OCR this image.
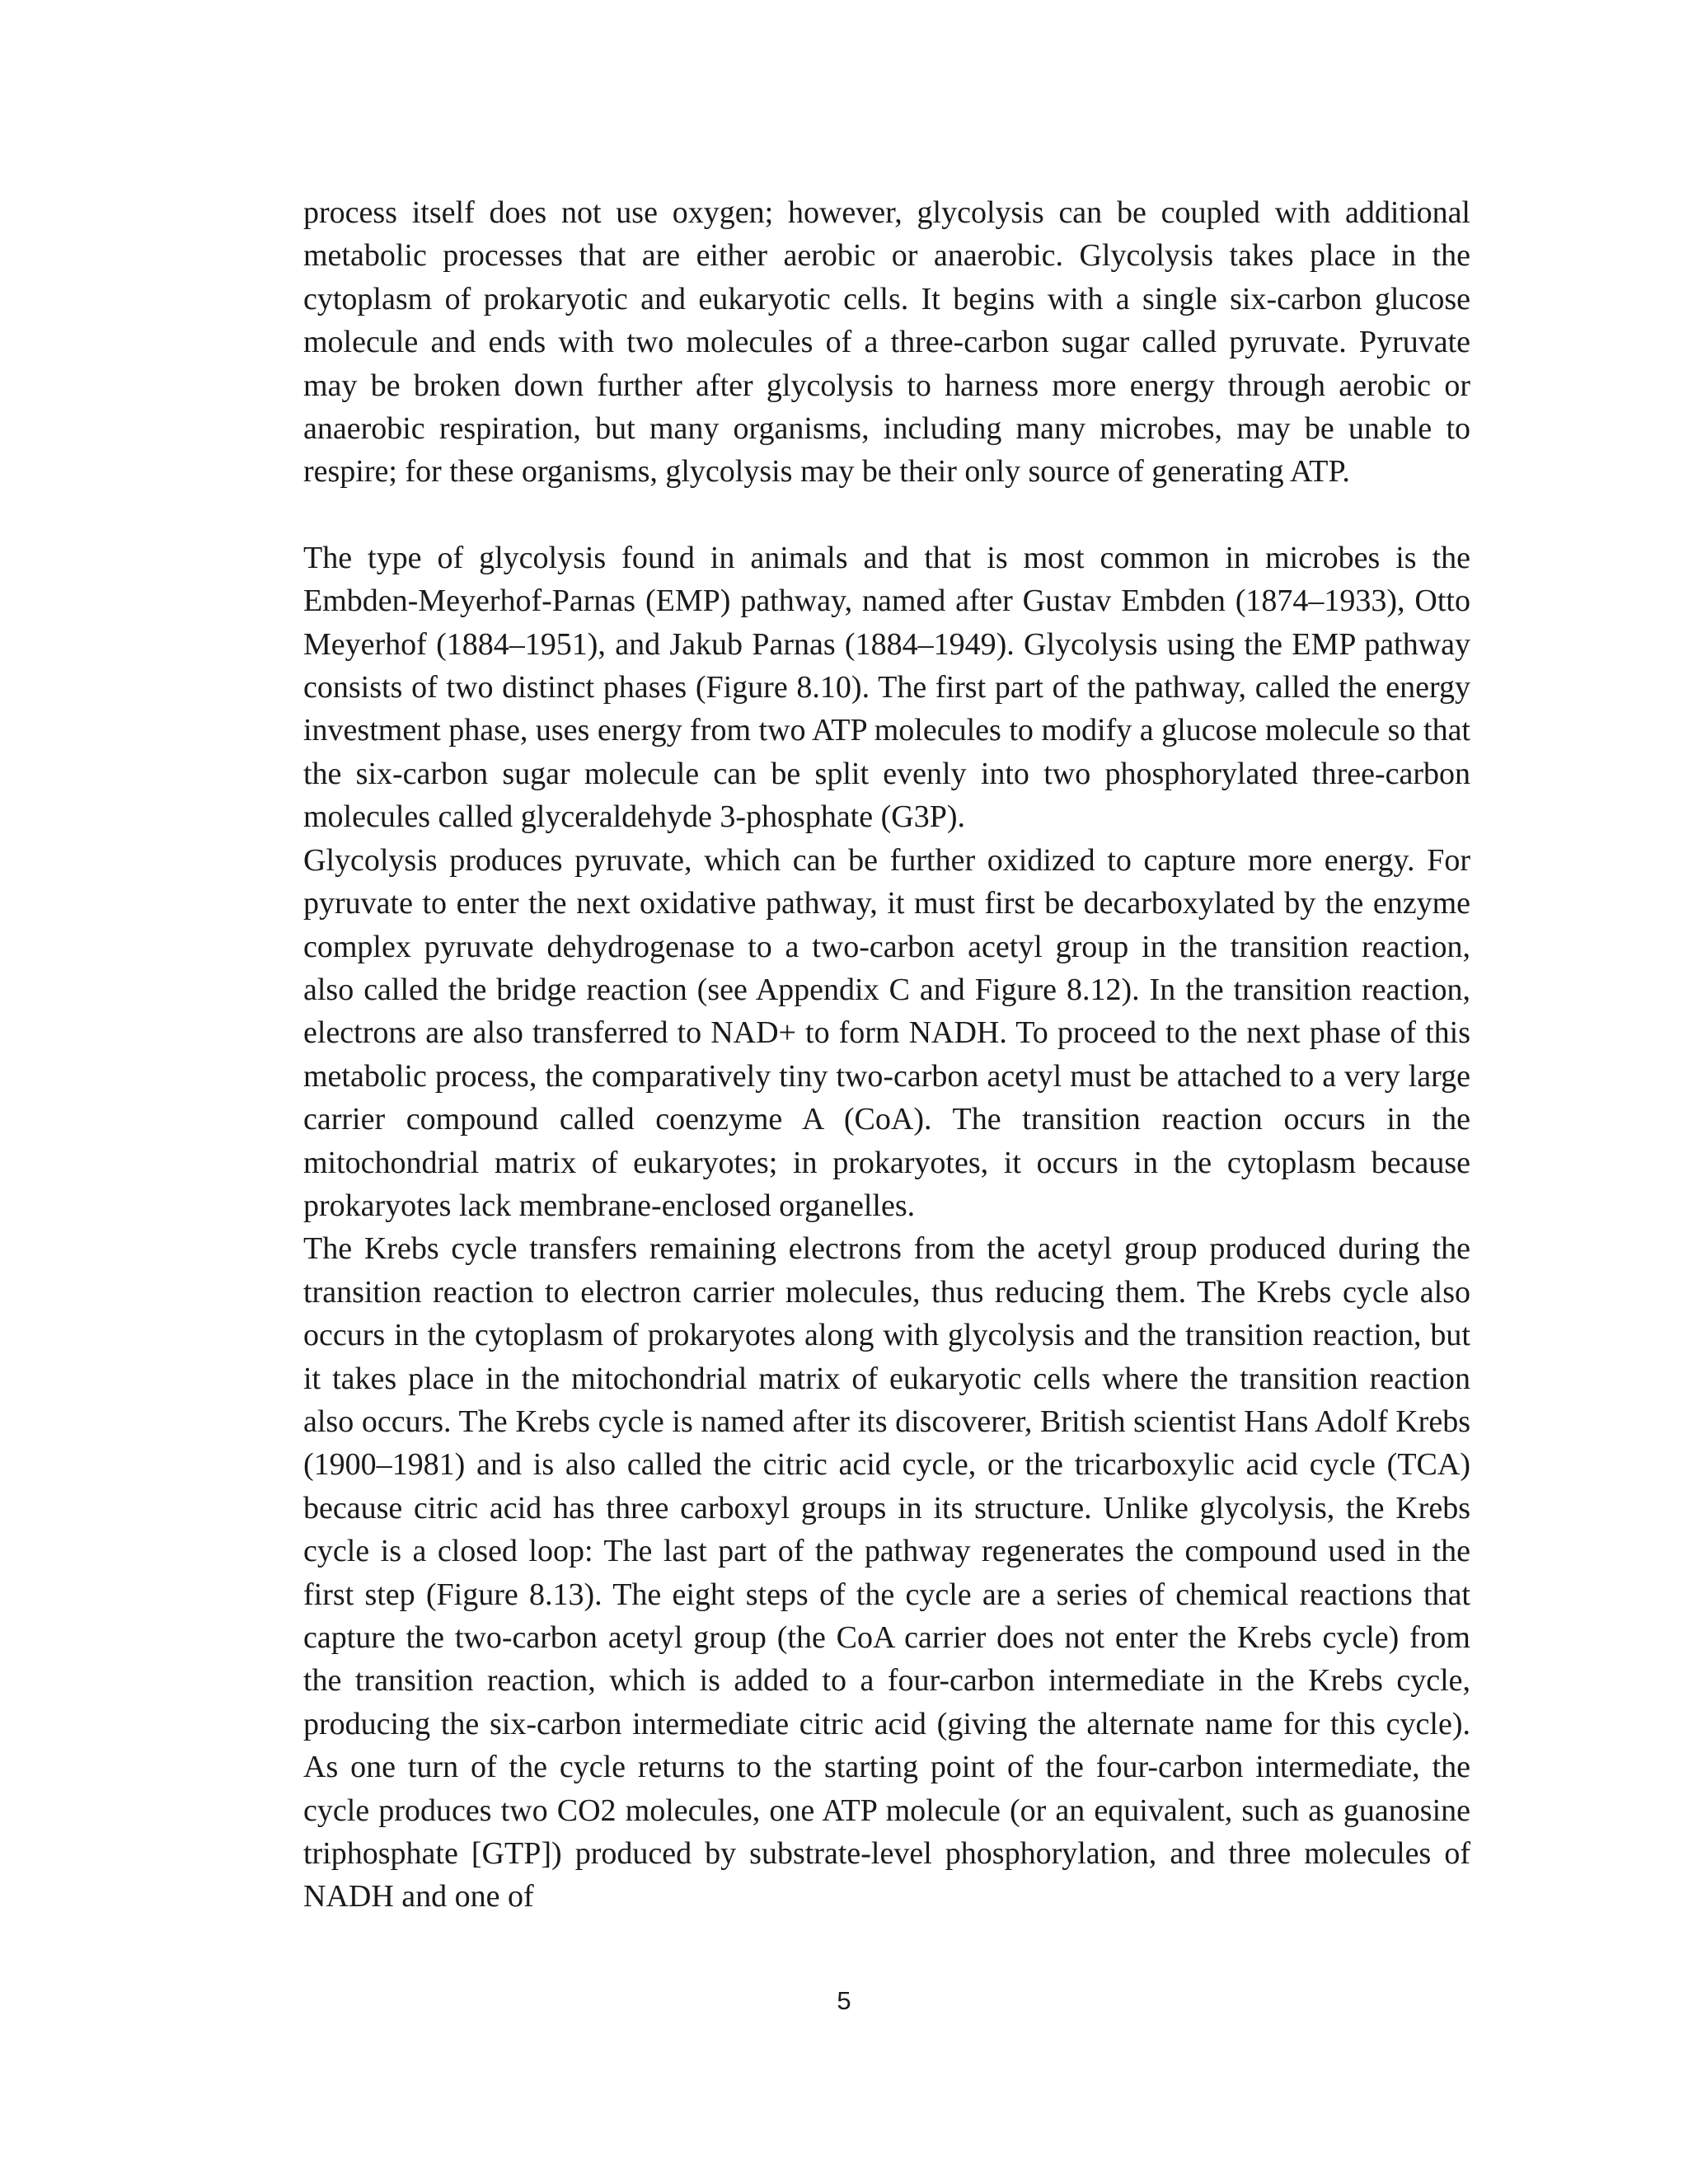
process itself does not use oxygen; however, glycolysis can be coupled with additional metabolic processes that are either aerobic or anaerobic. Glycolysis takes place in the cytoplasm of prokaryotic and eukaryotic cells. It begins with a single six-carbon glucose molecule and ends with two molecules of a three-carbon sugar called pyruvate. Pyruvate may be broken down further after glycolysis to harness more energy through aerobic or anaerobic respiration, but many organisms, including many microbes, may be unable to respire; for these organisms, glycolysis may be their only source of generating ATP.

The type of glycolysis found in animals and that is most common in microbes is the Embden-Meyerhof-Parnas (EMP) pathway, named after Gustav Embden (1874–1933), Otto Meyerhof (1884–1951), and Jakub Parnas (1884–1949). Glycolysis using the EMP pathway consists of two distinct phases (Figure 8.10). The first part of the pathway, called the energy investment phase, uses energy from two ATP molecules to modify a glucose molecule so that the six-carbon sugar molecule can be split evenly into two phosphorylated three-carbon molecules called glyceraldehyde 3-phosphate (G3P).

Glycolysis produces pyruvate, which can be further oxidized to capture more energy. For pyruvate to enter the next oxidative pathway, it must first be decarboxylated by the enzyme complex pyruvate dehydrogenase to a two-carbon acetyl group in the transition reaction, also called the bridge reaction (see Appendix C and Figure 8.12). In the transition reaction, electrons are also transferred to NAD+ to form NADH. To proceed to the next phase of this metabolic process, the comparatively tiny two-carbon acetyl must be attached to a very large carrier compound called coenzyme A (CoA). The transition reaction occurs in the mitochondrial matrix of eukaryotes; in prokaryotes, it occurs in the cytoplasm because prokaryotes lack membrane-enclosed organelles.

The Krebs cycle transfers remaining electrons from the acetyl group produced during the transition reaction to electron carrier molecules, thus reducing them. The Krebs cycle also occurs in the cytoplasm of prokaryotes along with glycolysis and the transition reaction, but it takes place in the mitochondrial matrix of eukaryotic cells where the transition reaction also occurs. The Krebs cycle is named after its discoverer, British scientist Hans Adolf Krebs (1900–1981) and is also called the citric acid cycle, or the tricarboxylic acid cycle (TCA) because citric acid has three carboxyl groups in its structure. Unlike glycolysis, the Krebs cycle is a closed loop: The last part of the pathway regenerates the compound used in the first step (Figure 8.13). The eight steps of the cycle are a series of chemical reactions that capture the two-carbon acetyl group (the CoA carrier does not enter the Krebs cycle) from the transition reaction, which is added to a four-carbon intermediate in the Krebs cycle, producing the six-carbon intermediate citric acid (giving the alternate name for this cycle). As one turn of the cycle returns to the starting point of the four-carbon intermediate, the cycle produces two CO2 molecules, one ATP molecule (or an equivalent, such as guanosine triphosphate [GTP]) produced by substrate-level phosphorylation, and three molecules of NADH and one of

5
